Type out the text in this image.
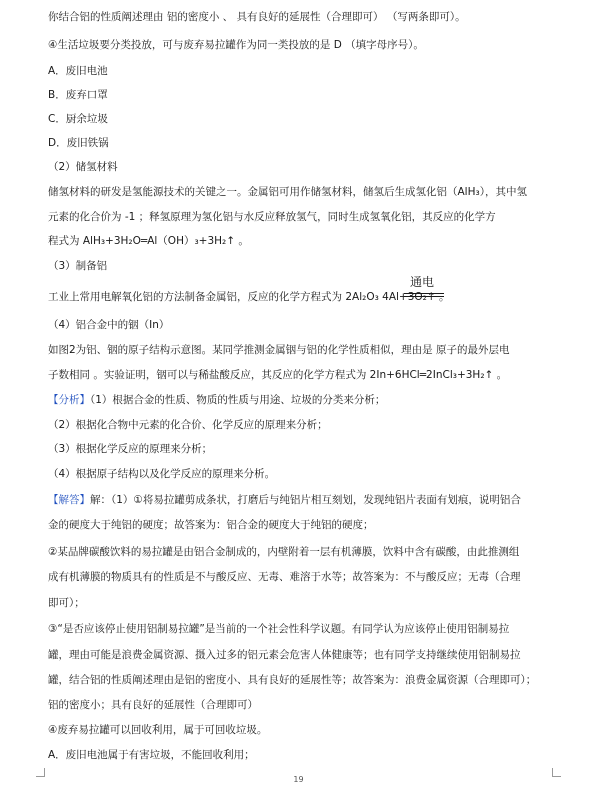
你结合铝的性质阐述理由 铝的密度小 、 具有良好的延展性（合理即可） （写两条即可）。
④生活垃圾要分类投放，可与废弃易拉罐作为同一类投放的是 D （填字母序号）。
A．废旧电池
B．废弃口罩
C．厨余垃圾
D．废旧铁锅
（2）储氢材料
储氢材料的研发是氢能源技术的关键之一。金属铝可用作储氢材料，储氢后生成氢化铝（AlH₃），其中氢
元素的化合价为 -1 ；释氢原理为氢化铝与水反应释放氢气，同时生成氢氧化铝，其反应的化学方
程式为 AlH₃+3H₂O═Al（OH）₃+3H₂↑ 。
（3）制备铝
通电
工业上常用电解氧化铝的方法制备金属铝，反应的化学方程式为 2Al₂O₃ 4Al+3O₂↑ 。
（4）铝合金中的铟（In）
如图2为铝、铟的原子结构示意图。某同学推测金属铟与铝的化学性质相似，理由是 原子的最外层电
子数相同 。实验证明，铟可以与稀盐酸反应，其反应的化学方程式为 2In+6HCl═2InCl₃+3H₂↑ 。
【分析】（1）根据合金的性质、物质的性质与用途、垃圾的分类来分析；
（2）根据化合物中元素的化合价、化学反应的原理来分析；
（3）根据化学反应的原理来分析；
（4）根据原子结构以及化学反应的原理来分析。
【解答】解：（1）①将易拉罐剪成条状，打磨后与纯铝片相互刻划，发现纯铝片表面有划痕，说明铝合
金的硬度大于纯铝的硬度；故答案为：铝合金的硬度大于纯铝的硬度；
②某品牌碳酸饮料的易拉罐是由铝合金制成的，内壁附着一层有机薄膜，饮料中含有碳酸，由此推测组
成有机薄膜的物质具有的性质是不与酸反应、无毒、难溶于水等；故答案为：不与酸反应；无毒（合理
即可）；
③“是否应该停止使用铝制易拉罐”是当前的一个社会性科学议题。有同学认为应该停止使用铝制易拉
罐，理由可能是浪费金属资源、摄入过多的铝元素会危害人体健康等；也有同学支持继续使用铝制易拉
罐，结合铝的性质阐述理由是铝的密度小、具有良好的延展性等；故答案为：浪费金属资源（合理即可）；
铝的密度小；具有良好的延展性（合理即可）
④废弃易拉罐可以回收利用，属于可回收垃圾。
A．废旧电池属于有害垃圾，不能回收利用；
19
